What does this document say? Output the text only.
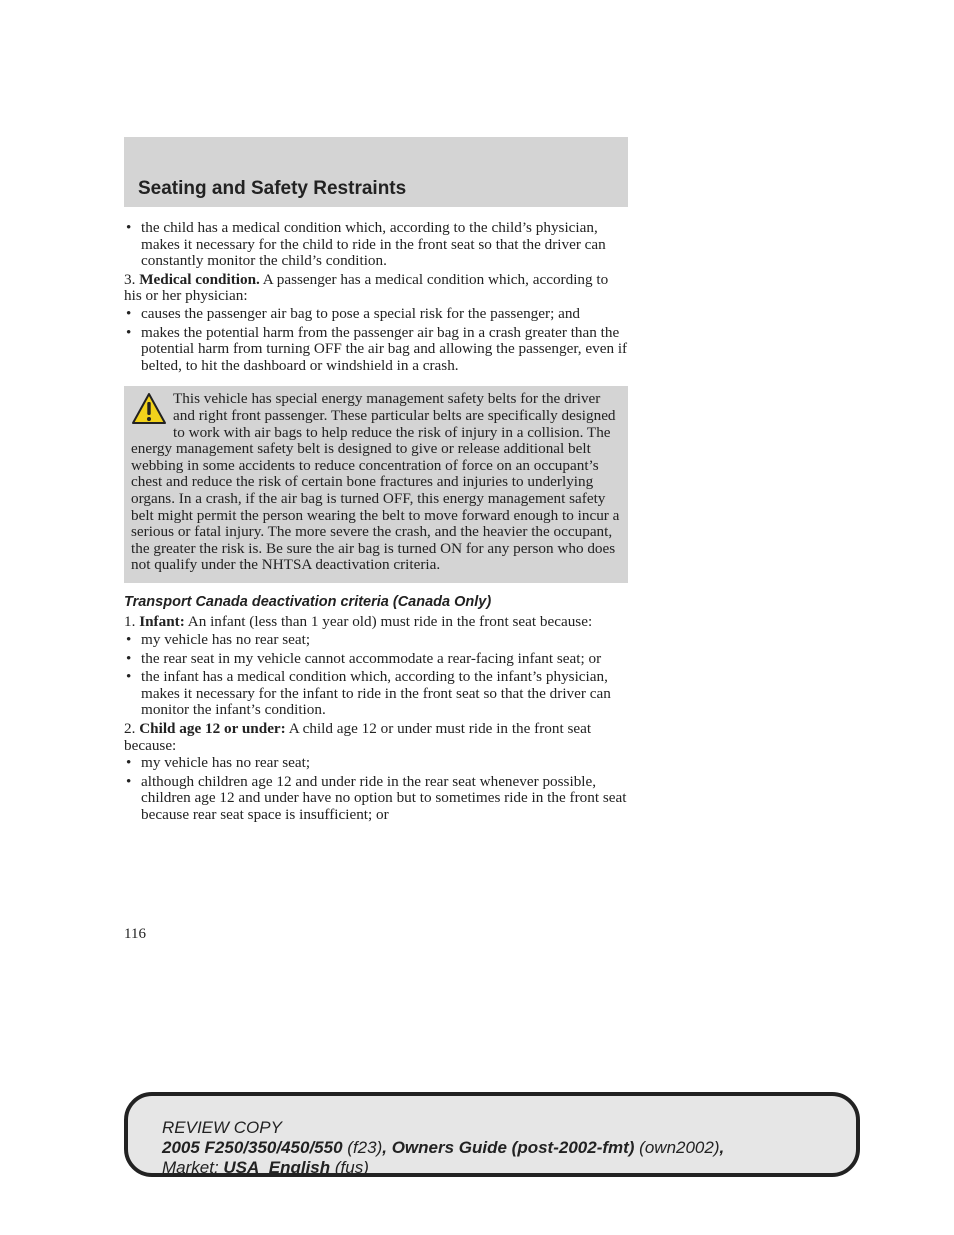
Seating and Safety Restraints
• the child has a medical condition which, according to the child’s physician, makes it necessary for the child to ride in the front seat so that the driver can constantly monitor the child’s condition.

3. Medical condition. A passenger has a medical condition which, according to his or her physician:

• causes the passenger air bag to pose a special risk for the passenger; and
• makes the potential harm from the passenger air bag in a crash greater than the potential harm from turning OFF the air bag and allowing the passenger, even if belted, to hit the dashboard or windshield in a crash.
This vehicle has special energy management safety belts for the driver and right front passenger. These particular belts are specifically designed to work with air bags to help reduce the risk of injury in a collision. The energy management safety belt is designed to give or release additional belt webbing in some accidents to reduce concentration of force on an occupant’s chest and reduce the risk of certain bone fractures and injuries to underlying organs. In a crash, if the air bag is turned OFF, this energy management safety belt might permit the person wearing the belt to move forward enough to incur a serious or fatal injury. The more severe the crash, and the heavier the occupant, the greater the risk is. Be sure the air bag is turned ON for any person who does not qualify under the NHTSA deactivation criteria.
Transport Canada deactivation criteria (Canada Only)

1. Infant: An infant (less than 1 year old) must ride in the front seat because:

• my vehicle has no rear seat;
• the rear seat in my vehicle cannot accommodate a rear-facing infant seat; or
• the infant has a medical condition which, according to the infant’s physician, makes it necessary for the infant to ride in the front seat so that the driver can monitor the infant’s condition.

2. Child age 12 or under: A child age 12 or under must ride in the front seat because:

• my vehicle has no rear seat;
• although children age 12 and under ride in the rear seat whenever possible, children age 12 and under have no option but to sometimes ride in the front seat because rear seat space is insufficient; or
116
REVIEW COPY
2005 F250/350/450/550 (f23), Owners Guide (post-2002-fmt) (own2002),
Market: USA_English (fus)
